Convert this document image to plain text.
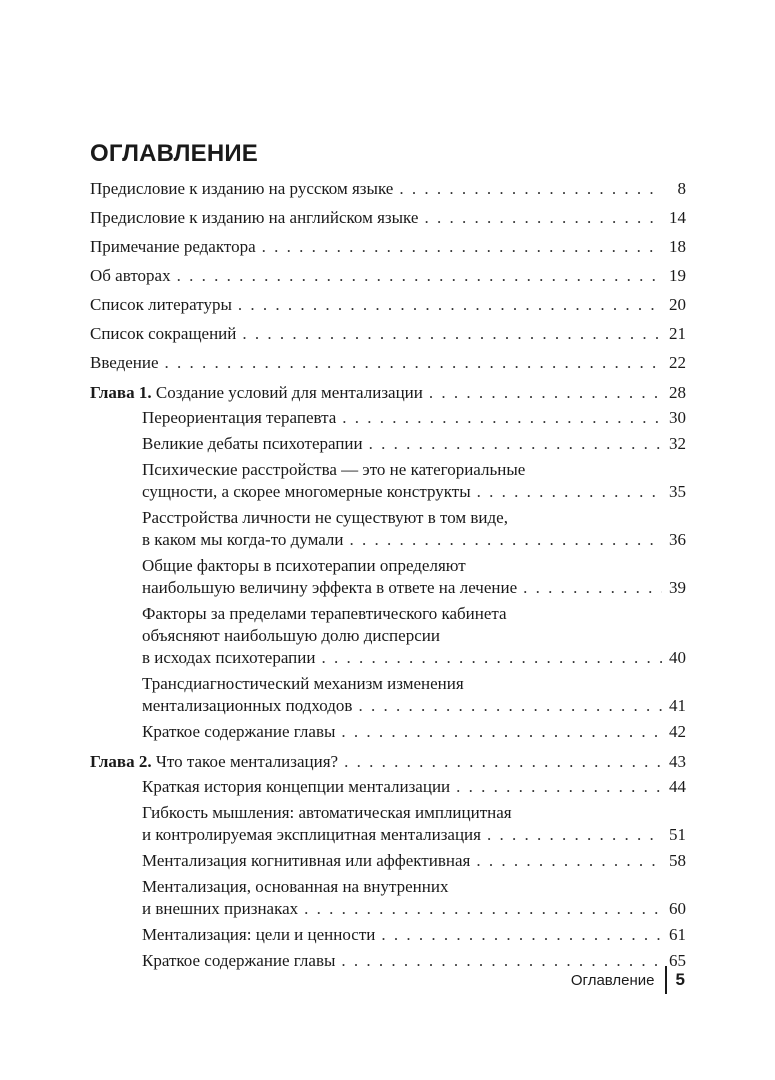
ОГЛАВЛЕНИЕ
Предисловие к изданию на русском языке . . .	8
Предисловие к изданию на английском языке . . .	14
Примечание редактора . . .	18
Об авторах . . .	19
Список литературы . . .	20
Список сокращений . . .	21
Введение . . .	22
Глава 1. Создание условий для ментализации . . .	28
Переориентация терапевта . . .	30
Великие дебаты психотерапии . . .	32
Психические расстройства — это не категориальные
сущности, а скорее многомерные конструкты . . .	35
Расстройства личности не существуют в том виде,
в каком мы когда-то думали . . .	36
Общие факторы в психотерапии определяют
наибольшую величину эффекта в ответе на лечение . . .	39
Факторы за пределами терапевтического кабинета
объясняют наибольшую долю дисперсии
в исходах психотерапии . . .	40
Трансдиагностический механизм изменения
ментализационных подходов . . .	41
Краткое содержание главы . . .	42
Глава 2. Что такое ментализация? . . .	43
Краткая история концепции ментализации . . .	44
Гибкость мышления: автоматическая имплицитная
и контролируемая эксплицитная ментализация . . .	51
Ментализация когнитивная или аффективная . . .	58
Ментализация, основанная на внутренних
и внешних признаках . . .	60
Ментализация: цели и ценности . . .	61
Краткое содержание главы . . .	65
Оглавление 5
